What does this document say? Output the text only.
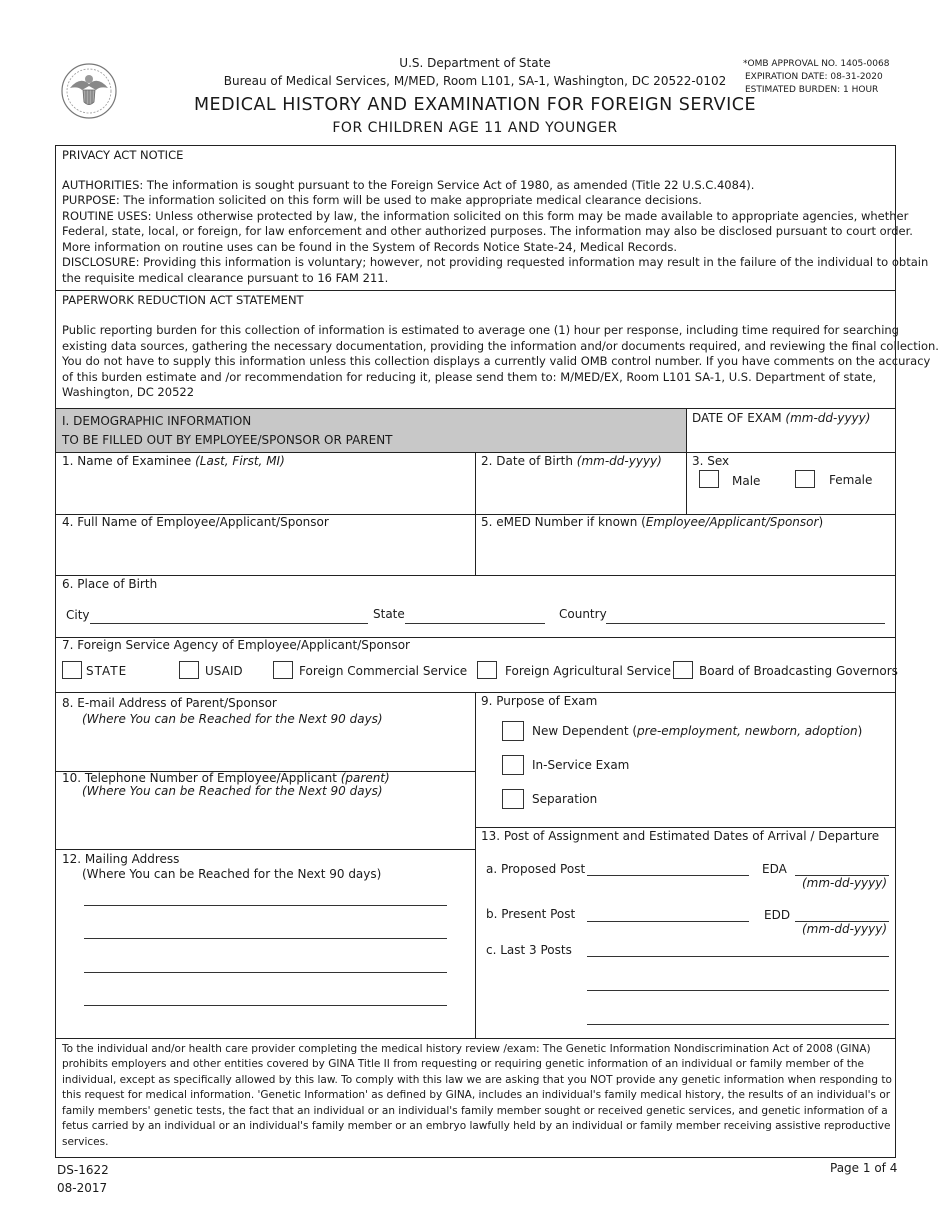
U.S. Department of State
Bureau of Medical Services, M/MED, Room L101, SA-1, Washington, DC 20522-0102
MEDICAL HISTORY AND EXAMINATION FOR FOREIGN SERVICE
FOR CHILDREN AGE 11 AND YOUNGER
*OMB APPROVAL NO. 1405-0068
EXPIRATION DATE: 08-31-2020
ESTIMATED BURDEN: 1 HOUR
PRIVACY ACT NOTICE
AUTHORITIES: The information is sought pursuant to the Foreign Service Act of 1980, as amended (Title 22 U.S.C.4084).
PURPOSE: The information solicited on this form will be used to make appropriate medical clearance decisions.
ROUTINE USES: Unless otherwise protected by law, the information solicited on this form may be made available to appropriate agencies, whether
Federal, state, local, or foreign, for law enforcement and other authorized purposes. The information may also be disclosed pursuant to court order.
More information on routine uses can be found in the System of Records Notice State-24, Medical Records.
DISCLOSURE: Providing this information is voluntary; however, not providing requested information may result in the failure of the individual to obtain
the requisite medical clearance pursuant to 16 FAM 211.
PAPERWORK REDUCTION ACT STATEMENT
Public reporting burden for this collection of information is estimated to average one (1) hour per response, including time required for searching
existing data sources, gathering the necessary documentation, providing the information and/or documents required, and reviewing the final collection.
You do not have to supply this information unless this collection displays a currently valid OMB control number. If you have comments on the accuracy
of this burden estimate and /or recommendation for reducing it, please send them to: M/MED/EX, Room L101 SA-1, U.S. Department of state,
Washington, DC 20522
I. DEMOGRAPHIC INFORMATION
TO BE FILLED OUT BY EMPLOYEE/SPONSOR OR PARENT
DATE OF EXAM (mm-dd-yyyy)
1. Name of Examinee (Last, First, MI)	2. Date of Birth (mm-dd-yyyy)	3. Sex
Male	Female
4. Full Name of Employee/Applicant/Sponsor	5. eMED Number if known (Employee/Applicant/Sponsor)
6. Place of Birth
City	State	Country
7. Foreign Service Agency of Employee/Applicant/Sponsor
STATE	USAID	Foreign Commercial Service	Foreign Agricultural Service Board of Broadcasting Governors
8. E-mail Address of Parent/Sponsor
(Where You can be Reached for the Next 90 days)
9. Purpose of Exam
New Dependent (pre-employment, newborn, adoption)
In-Service Exam
Separation
10. Telephone Number of Employee/Applicant (parent)
(Where You can be Reached for the Next 90 days)
12. Mailing Address
(Where You can be Reached for the Next 90 days)
13. Post of Assignment and Estimated Dates of Arrival / Departure
a. Proposed Post	EDA
(mm-dd-yyyy)
b. Present Post	EDD
(mm-dd-yyyy)
c. Last 3 Posts
To the individual and/or health care provider completing the medical history review /exam: The Genetic Information Nondiscrimination Act of 2008 (GINA)
prohibits employers and other entities covered by GINA Title II from requesting or requiring genetic information of an individual or family member of the
individual, except as specifically allowed by this law. To comply with this law we are asking that you NOT provide any genetic information when responding to
this request for medical information. 'Genetic Information' as defined by GINA, includes an individual's family medical history, the results of an individual's or
family members' genetic tests, the fact that an individual or an individual's family member sought or received genetic services, and genetic information of a
fetus carried by an individual or an individual's family member or an embryo lawfully held by an individual or family member receiving assistive reproductive
services.
DS-1622
08-2017
Page 1 of 4
